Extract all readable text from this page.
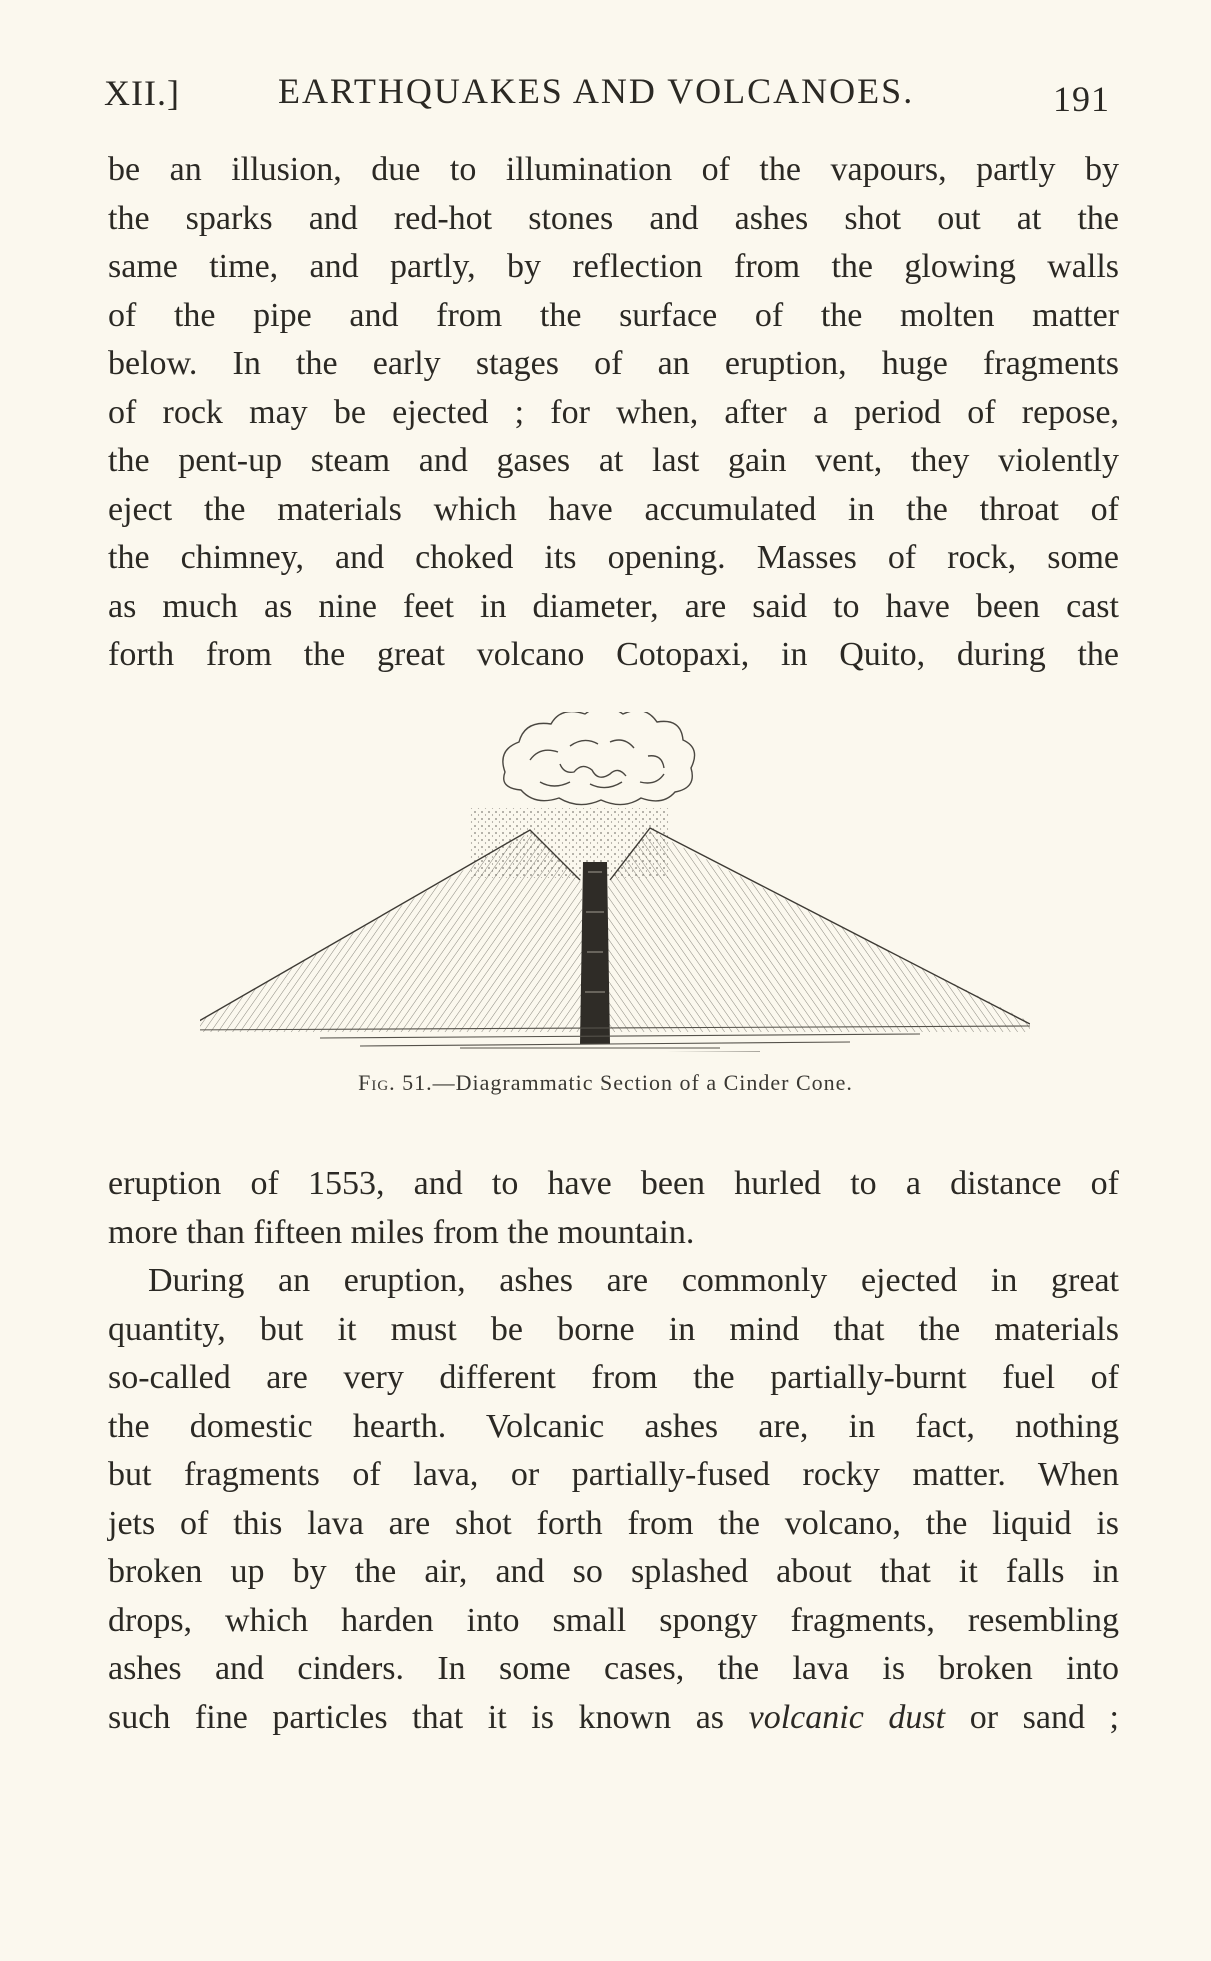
XII.]	EARTHQUAKES AND VOLCANOES.	191
be an illusion, due to illumination of the vapours, partly by
the sparks and red-hot stones and ashes shot out at the
same time, and partly, by reflection from the glowing walls
of the pipe and from the surface of the molten matter
below. In the early stages of an eruption, huge fragments
of rock may be ejected ; for when, after a period of repose,
the pent-up steam and gases at last gain vent, they violently
eject the materials which have accumulated in the throat of
the chimney, and choked its opening. Masses of rock, some
as much as nine feet in diameter, are said to have been cast
forth from the great volcano Cotopaxi, in Quito, during the
Fig. 51.—Diagrammatic Section of a Cinder Cone.
eruption of 1553, and to have been hurled to a distance of
more than fifteen miles from the mountain.
During an eruption, ashes are commonly ejected in great
quantity, but it must be borne in mind that the materials
so-called are very different from the partially-burnt fuel of
the domestic hearth. Volcanic ashes are, in fact, nothing
but fragments of lava, or partially-fused rocky matter. When
jets of this lava are shot forth from the volcano, the liquid is
broken up by the air, and so splashed about that it falls in
drops, which harden into small spongy fragments, resembling
ashes and cinders. In some cases, the lava is broken into
such fine particles that it is known as volcanic dust or sand ;
